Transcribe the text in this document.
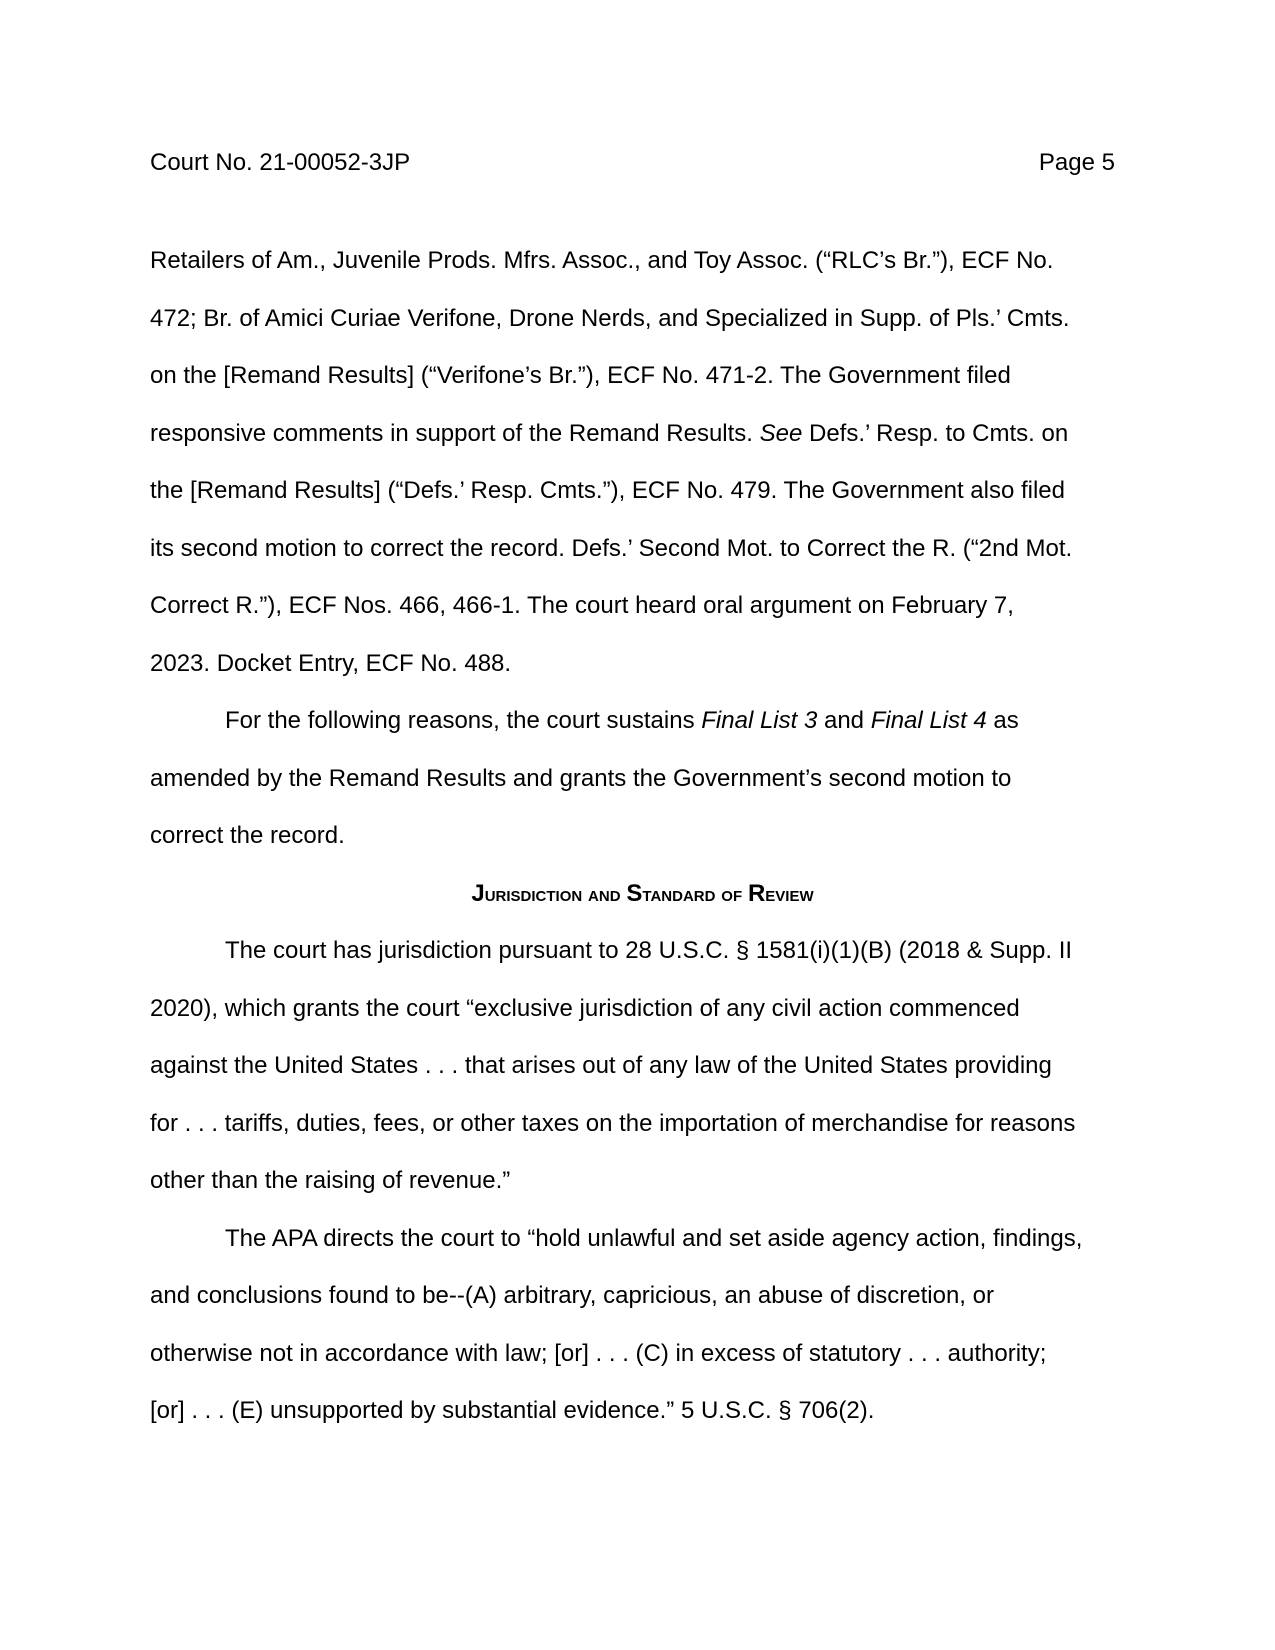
Court No. 21-00052-3JP	Page 5
Retailers of Am., Juvenile Prods. Mfrs. Assoc., and Toy Assoc. (“RLC’s Br.”), ECF No.
472; Br. of Amici Curiae Verifone, Drone Nerds, and Specialized in Supp. of Pls.’ Cmts.
on the [Remand Results] (“Verifone’s Br.”), ECF No. 471-2. The Government filed
responsive comments in support of the Remand Results. See Defs.’ Resp. to Cmts. on
the [Remand Results] (“Defs.’ Resp. Cmts.”), ECF No. 479. The Government also filed
its second motion to correct the record. Defs.’ Second Mot. to Correct the R. (“2nd Mot.
Correct R.”), ECF Nos. 466, 466-1. The court heard oral argument on February 7,
2023. Docket Entry, ECF No. 488.
For the following reasons, the court sustains Final List 3 and Final List 4 as
amended by the Remand Results and grants the Government’s second motion to
correct the record.
Jurisdiction and Standard of Review
The court has jurisdiction pursuant to 28 U.S.C. § 1581(i)(1)(B) (2018 & Supp. II
2020), which grants the court “exclusive jurisdiction of any civil action commenced
against the United States . . . that arises out of any law of the United States providing
for . . . tariffs, duties, fees, or other taxes on the importation of merchandise for reasons
other than the raising of revenue.”
The APA directs the court to “hold unlawful and set aside agency action, findings,
and conclusions found to be--(A) arbitrary, capricious, an abuse of discretion, or
otherwise not in accordance with law; [or] . . . (C) in excess of statutory . . . authority;
[or] . . . (E) unsupported by substantial evidence.” 5 U.S.C. § 706(2).
